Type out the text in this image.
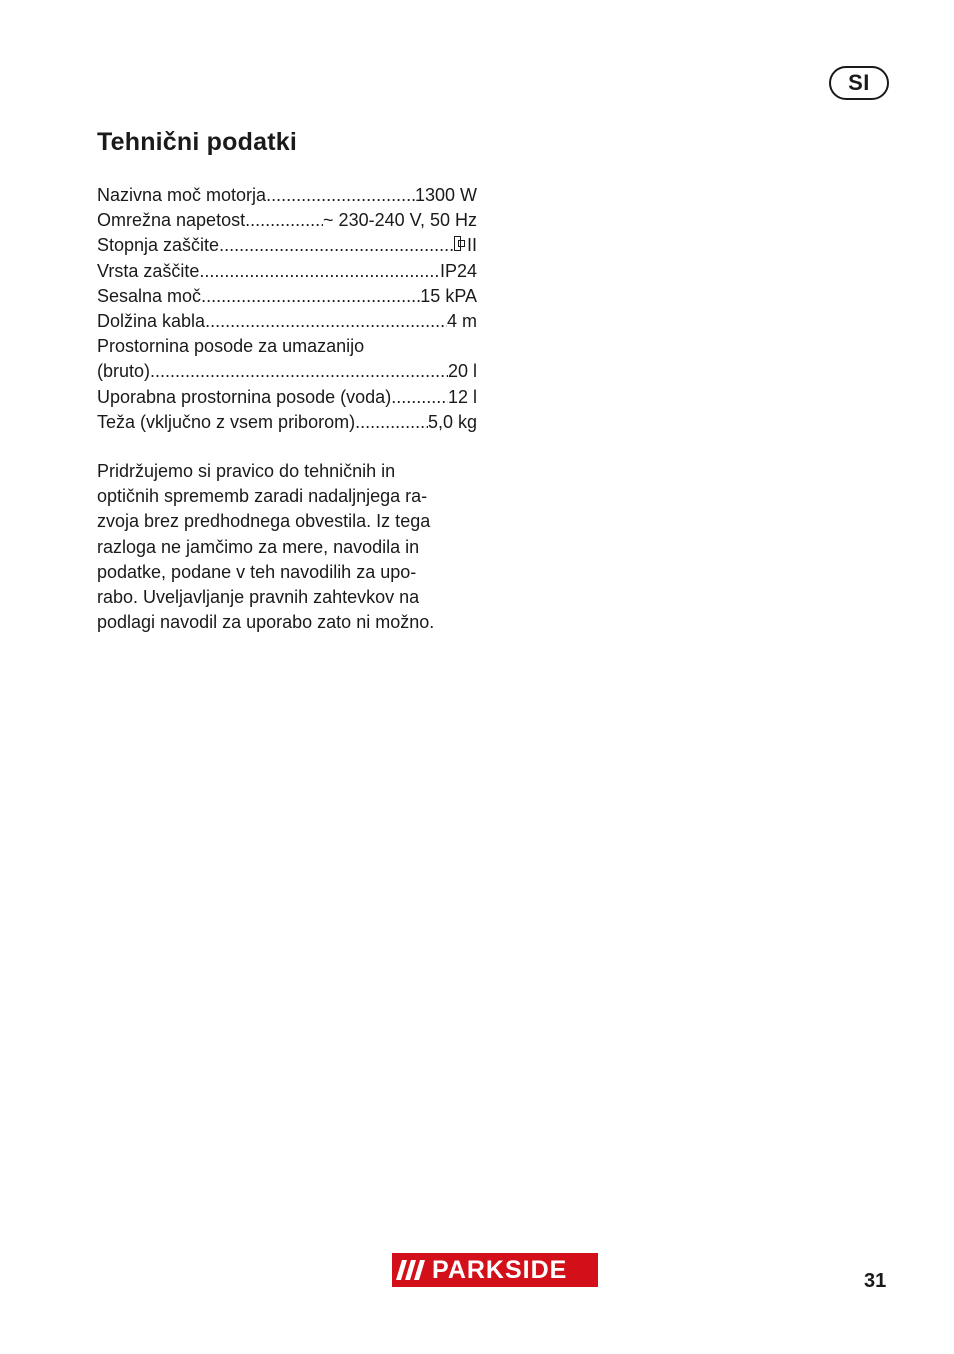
SI
Tehnični podatki
Nazivna moč motorja .....	1300 W
Omrežna napetost .....	~ 230-240 V, 50 Hz
Stopnja zaščite .....	II
Vrsta zaščite .....	IP24
Sesalna moč .....	15 kPA
Dolžina kabla .....	4 m
Prostornina posode za umazanijo
(bruto) .....	20 l
Uporabna prostornina posode (voda) .....	12 l
Teža (vključno z vsem priborom) .....	5,0 kg

Pridržujemo si pravico do tehničnih in
optičnih sprememb zaradi nadaljnjega ra-
zvoja brez predhodnega obvestila. Iz tega
razloga ne jamčimo za mere, navodila in
podatke, podane v teh navodilih za upo-
rabo. Uveljavljanje pravnih zahtevkov na
podlagi navodil za uporabo zato ni možno.

PARKSIDE	31
